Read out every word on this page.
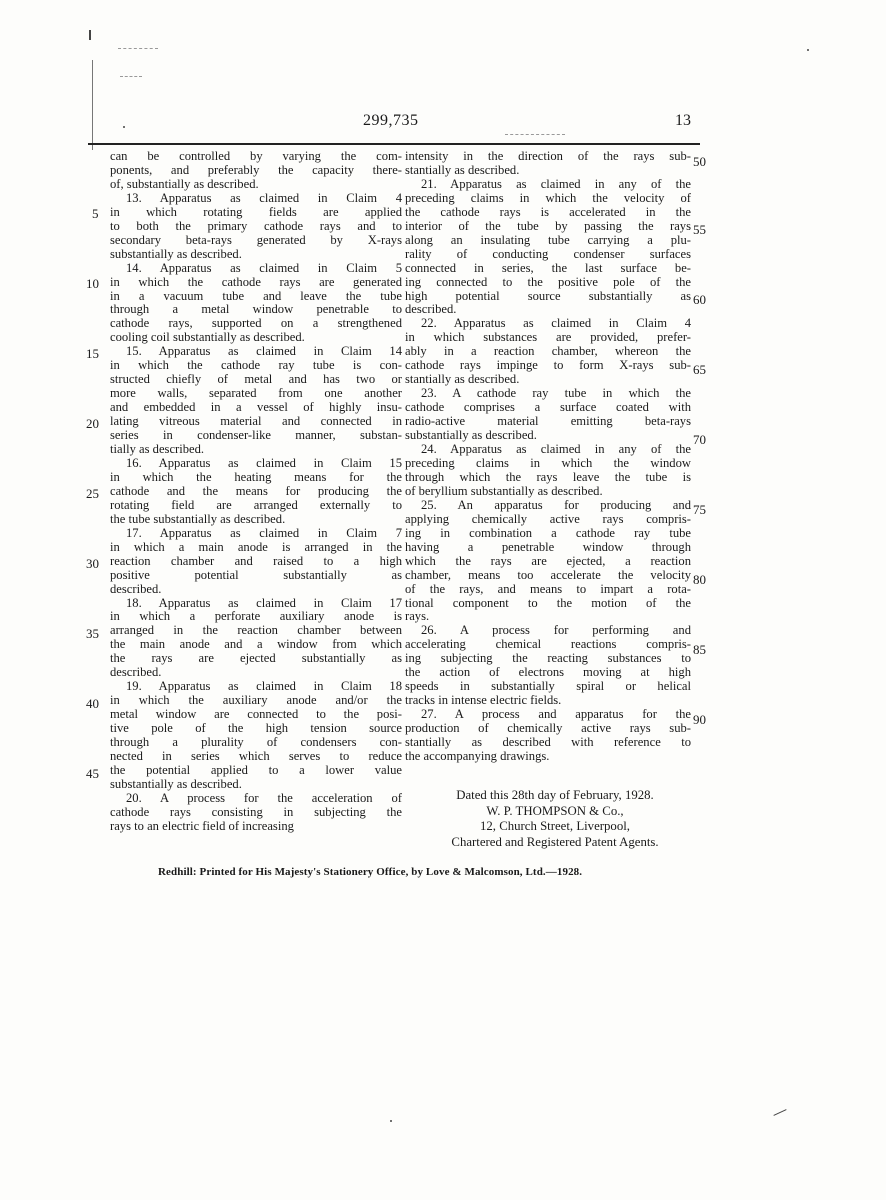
299,735	13
can be controlled by varying the com-
ponents, and preferably the capacity there-
of, substantially as described.
13. Apparatus as claimed in Claim 4
in which rotating fields are applied
to both the primary cathode rays and to
secondary beta-rays generated by X-rays
substantially as described.
14. Apparatus as claimed in Claim 5
in which the cathode rays are generated
in a vacuum tube and leave the tube
through a metal window penetrable to
cathode rays, supported on a strengthened
cooling coil substantially as described.
15. Apparatus as claimed in Claim 14
in which the cathode ray tube is con-
structed chiefly of metal and has two or
more walls, separated from one another
and embedded in a vessel of highly insu-
lating vitreous material and connected in
series in condenser-like manner, substan-
tially as described.
16. Apparatus as claimed in Claim 15
in which the heating means for the
cathode and the means for producing the
rotating field are arranged externally to
the tube substantially as described.
17. Apparatus as claimed in Claim 7
in which a main anode is arranged in the
reaction chamber and raised to a high
positive potential substantially as
described.
18. Apparatus as claimed in Claim 17
in which a perforate auxiliary anode is
arranged in the reaction chamber between
the main anode and a window from which
the rays are ejected substantially as
described.
19. Apparatus as claimed in Claim 18
in which the auxiliary anode and/or the
metal window are connected to the posi-
tive pole of the high tension source
through a plurality of condensers con-
nected in series which serves to reduce
the potential applied to a lower value
substantially as described.
20. A process for the acceleration of
cathode rays consisting in subjecting the
rays to an electric field of increasing
intensity in the direction of the rays sub-
stantially as described.
21. Apparatus as claimed in any of the
preceding claims in which the velocity of
the cathode rays is accelerated in the
interior of the tube by passing the rays
along an insulating tube carrying a plu-
rality of conducting condenser surfaces
connected in series, the last surface be-
ing connected to the positive pole of the
high potential source substantially as
described.
22. Apparatus as claimed in Claim 4
in which substances are provided, prefer-
ably in a reaction chamber, whereon the
cathode rays impinge to form X-rays sub-
stantially as described.
23. A cathode ray tube in which the
cathode comprises a surface coated with
radio-active material emitting beta-rays
substantially as described.
24. Apparatus as claimed in any of the
preceding claims in which the window
through which the rays leave the tube is
of beryllium substantially as described.
25. An apparatus for producing and
applying chemically active rays compris-
ing in combination a cathode ray tube
having a penetrable window through
which the rays are ejected, a reaction
chamber, means too accelerate the velocity
of the rays, and means to impart a rota-
tional component to the motion of the
rays.
26. A process for performing and
accelerating chemical reactions compris-
ing subjecting the reacting substances to
the action of electrons moving at high
speeds in substantially spiral or helical
tracks in intense electric fields.
27. A process and apparatus for the
production of chemically active rays sub-
stantially as described with reference to
the accompanying drawings.
5
10
15
20
25
30
35
40
45
50
55
60
65
70
75
80
85
90
Dated this 28th day of February, 1928.
W. P. THOMPSON & Co.,
12, Church Street, Liverpool,
Chartered and Registered Patent Agents.
Redhill: Printed for His Majesty's Stationery Office, by Love & Malcomson, Ltd.—1928.
